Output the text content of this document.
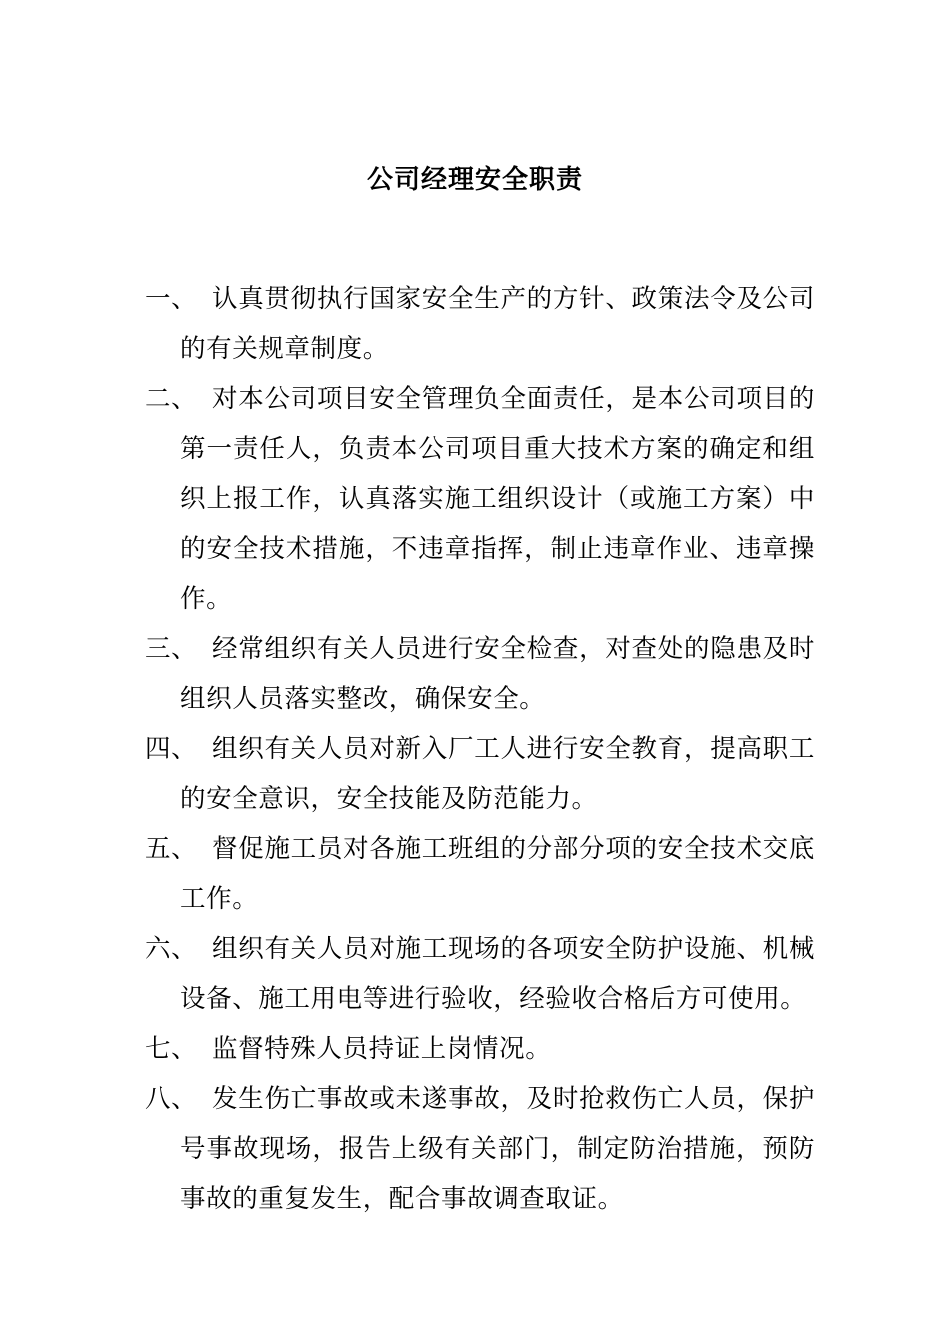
公司经理安全职责
一、 认真贯彻执行国家安全生产的方针、政策法令及公司的有关规章制度。
二、 对本公司项目安全管理负全面责任，是本公司项目的第一责任人，负责本公司项目重大技术方案的确定和组织上报工作，认真落实施工组织设计（或施工方案）中的安全技术措施，不违章指挥，制止违章作业、违章操作。
三、 经常组织有关人员进行安全检查，对查处的隐患及时组织人员落实整改，确保安全。
四、 组织有关人员对新入厂工人进行安全教育，提高职工的安全意识，安全技能及防范能力。
五、 督促施工员对各施工班组的分部分项的安全技术交底工作。
六、 组织有关人员对施工现场的各项安全防护设施、机械设备、施工用电等进行验收，经验收合格后方可使用。
七、 监督特殊人员持证上岗情况。
八、 发生伤亡事故或未遂事故，及时抢救伤亡人员，保护号事故现场，报告上级有关部门，制定防治措施，预防事故的重复发生，配合事故调查取证。
